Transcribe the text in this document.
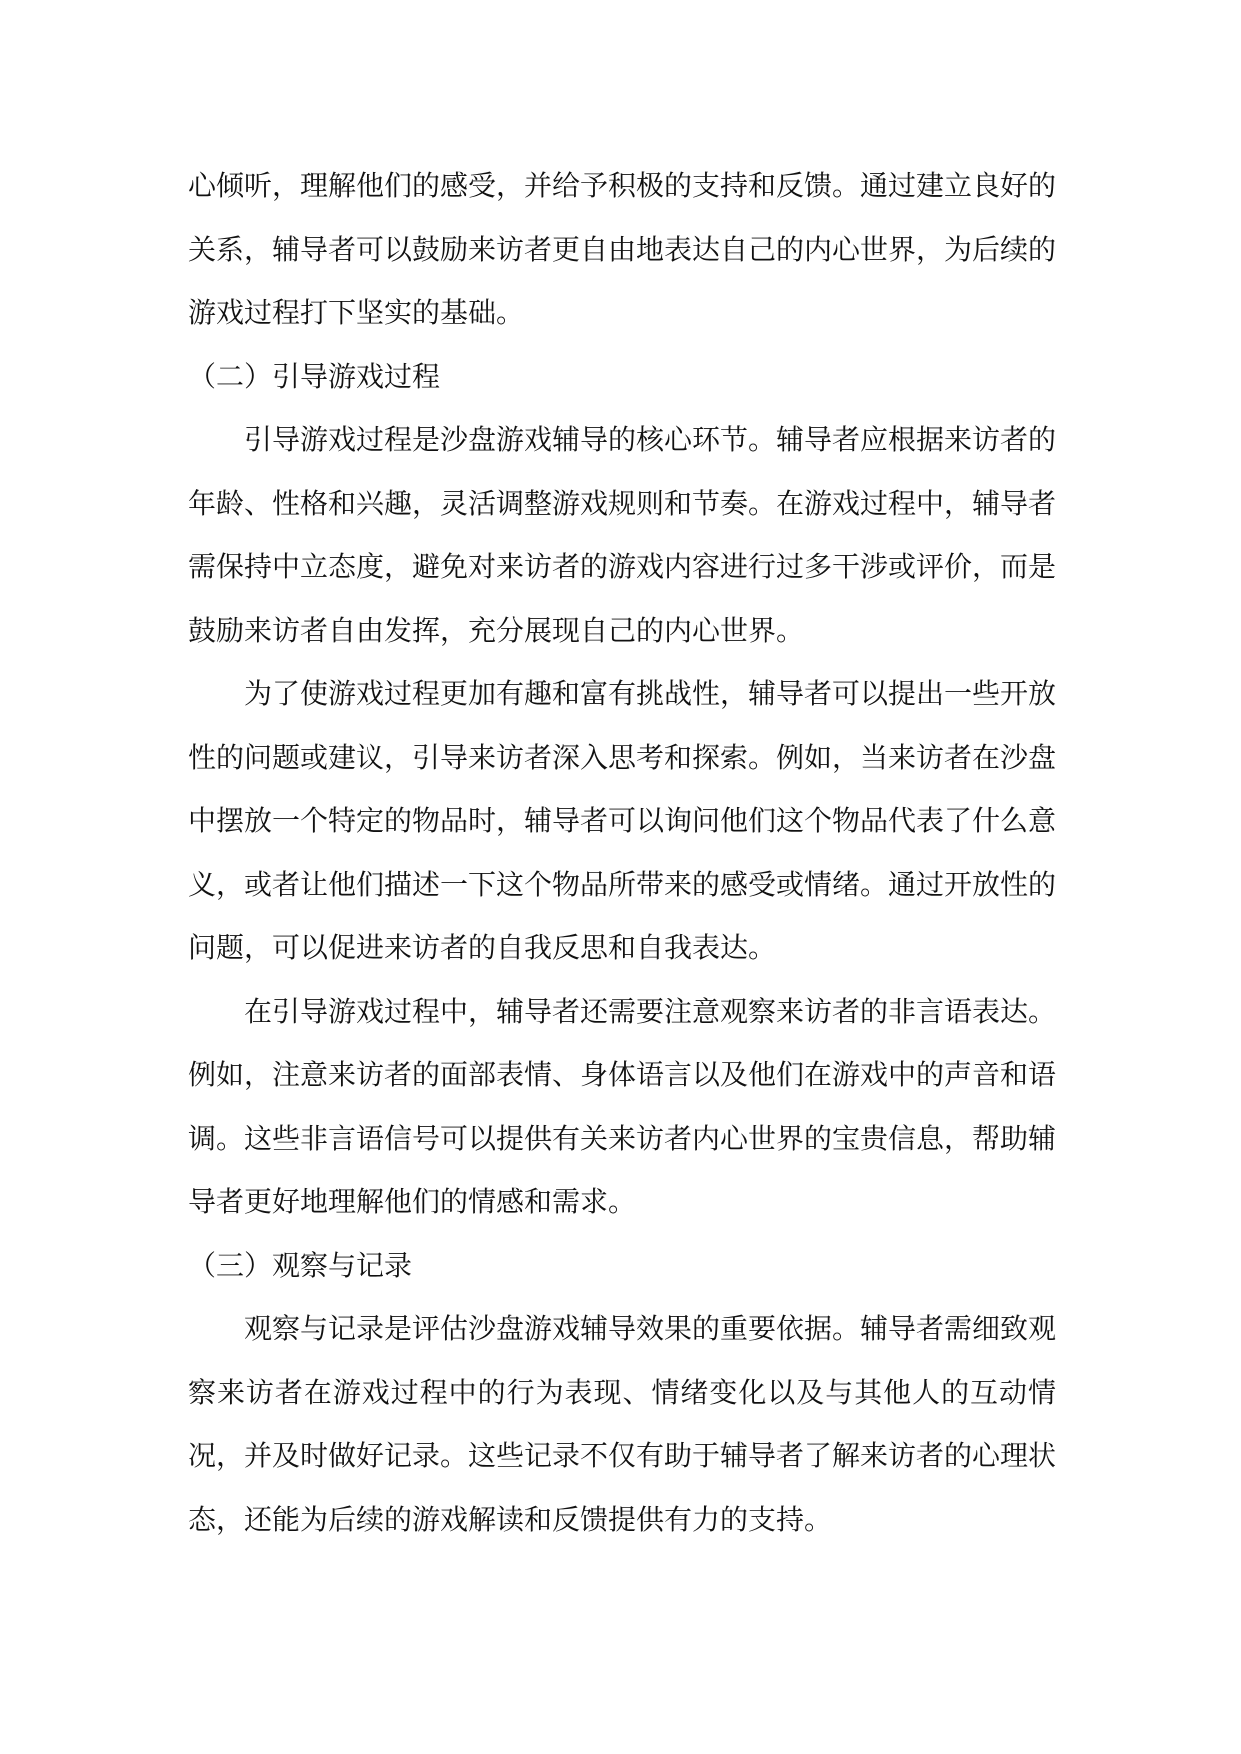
心倾听，理解他们的感受，并给予积极的支持和反馈。通过建立良好的关系，辅导者可以鼓励来访者更自由地表达自己的内心世界，为后续的游戏过程打下坚实的基础。

（二）引导游戏过程

引导游戏过程是沙盘游戏辅导的核心环节。辅导者应根据来访者的年龄、性格和兴趣，灵活调整游戏规则和节奏。在游戏过程中，辅导者需保持中立态度，避免对来访者的游戏内容进行过多干涉或评价，而是鼓励来访者自由发挥，充分展现自己的内心世界。

为了使游戏过程更加有趣和富有挑战性，辅导者可以提出一些开放性的问题或建议，引导来访者深入思考和探索。例如，当来访者在沙盘中摆放一个特定的物品时，辅导者可以询问他们这个物品代表了什么意义，或者让他们描述一下这个物品所带来的感受或情绪。通过开放性的问题，可以促进来访者的自我反思和自我表达。

在引导游戏过程中，辅导者还需要注意观察来访者的非言语表达。例如，注意来访者的面部表情、身体语言以及他们在游戏中的声音和语调。这些非言语信号可以提供有关来访者内心世界的宝贵信息，帮助辅导者更好地理解他们的情感和需求。

（三）观察与记录

观察与记录是评估沙盘游戏辅导效果的重要依据。辅导者需细致观察来访者在游戏过程中的行为表现、情绪变化以及与其他人的互动情况，并及时做好记录。这些记录不仅有助于辅导者了解来访者的心理状态，还能为后续的游戏解读和反馈提供有力的支持。
